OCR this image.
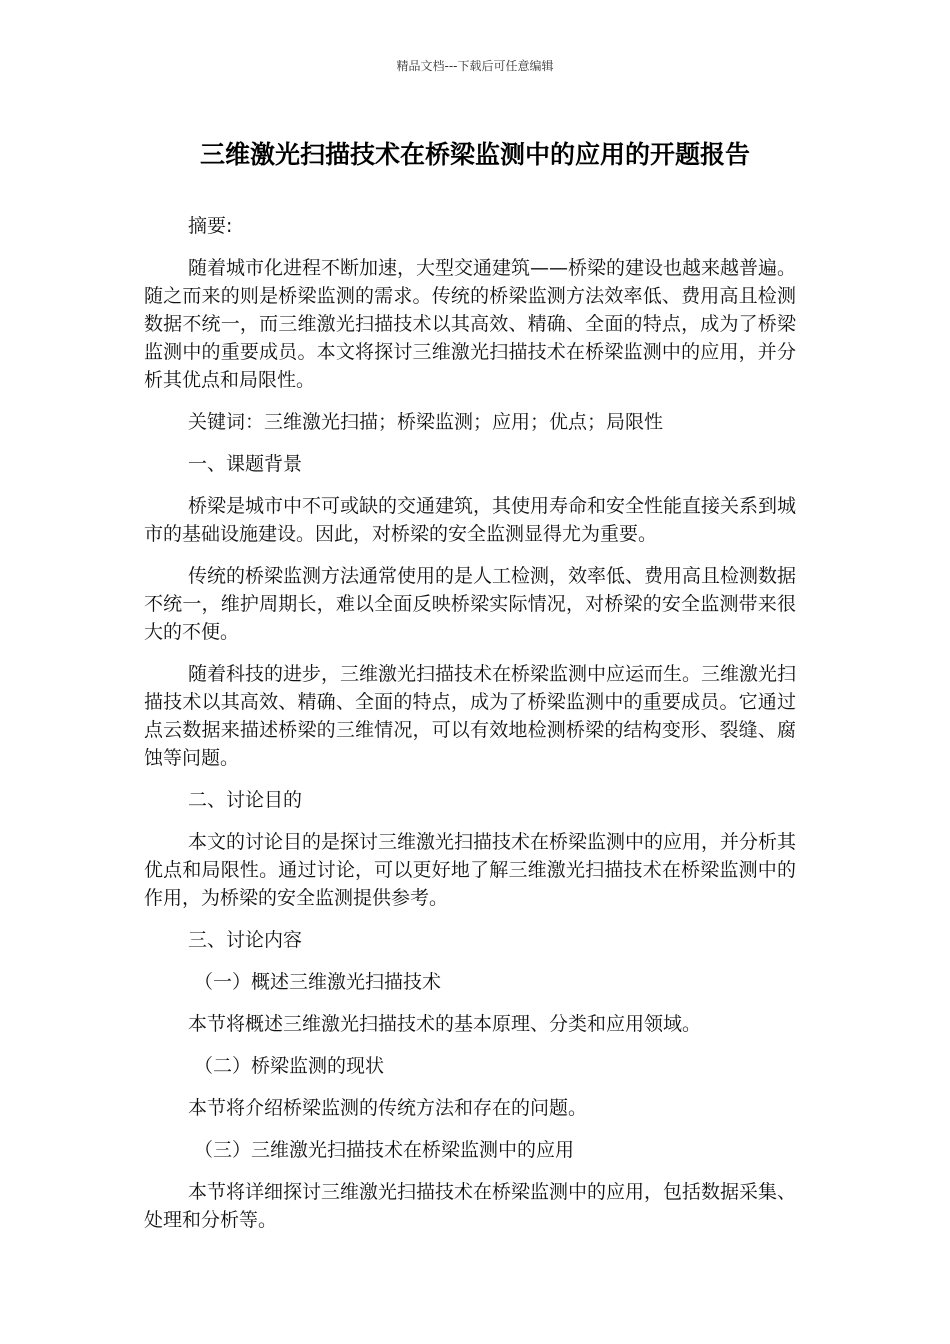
精品文档---下载后可任意编辑
三维激光扫描技术在桥梁监测中的应用的开题报告

摘要:

随着城市化进程不断加速，大型交通建筑——桥梁的建设也越来越普遍。随之而来的则是桥梁监测的需求。传统的桥梁监测方法效率低、费用高且检测数据不统一，而三维激光扫描技术以其高效、精确、全面的特点，成为了桥梁监测中的重要成员。本文将探讨三维激光扫描技术在桥梁监测中的应用，并分析其优点和局限性。

关键词：三维激光扫描；桥梁监测；应用；优点；局限性

一、课题背景

桥梁是城市中不可或缺的交通建筑，其使用寿命和安全性能直接关系到城市的基础设施建设。因此，对桥梁的安全监测显得尤为重要。

传统的桥梁监测方法通常使用的是人工检测，效率低、费用高且检测数据不统一，维护周期长，难以全面反映桥梁实际情况，对桥梁的安全监测带来很大的不便。

随着科技的进步，三维激光扫描技术在桥梁监测中应运而生。三维激光扫描技术以其高效、精确、全面的特点，成为了桥梁监测中的重要成员。它通过点云数据来描述桥梁的三维情况，可以有效地检测桥梁的结构变形、裂缝、腐蚀等问题。

二、讨论目的

本文的讨论目的是探讨三维激光扫描技术在桥梁监测中的应用，并分析其优点和局限性。通过讨论，可以更好地了解三维激光扫描技术在桥梁监测中的作用，为桥梁的安全监测提供参考。

三、讨论内容

（一）概述三维激光扫描技术

本节将概述三维激光扫描技术的基本原理、分类和应用领域。

（二）桥梁监测的现状

本节将介绍桥梁监测的传统方法和存在的问题。

（三）三维激光扫描技术在桥梁监测中的应用

本节将详细探讨三维激光扫描技术在桥梁监测中的应用，包括数据采集、处理和分析等。
